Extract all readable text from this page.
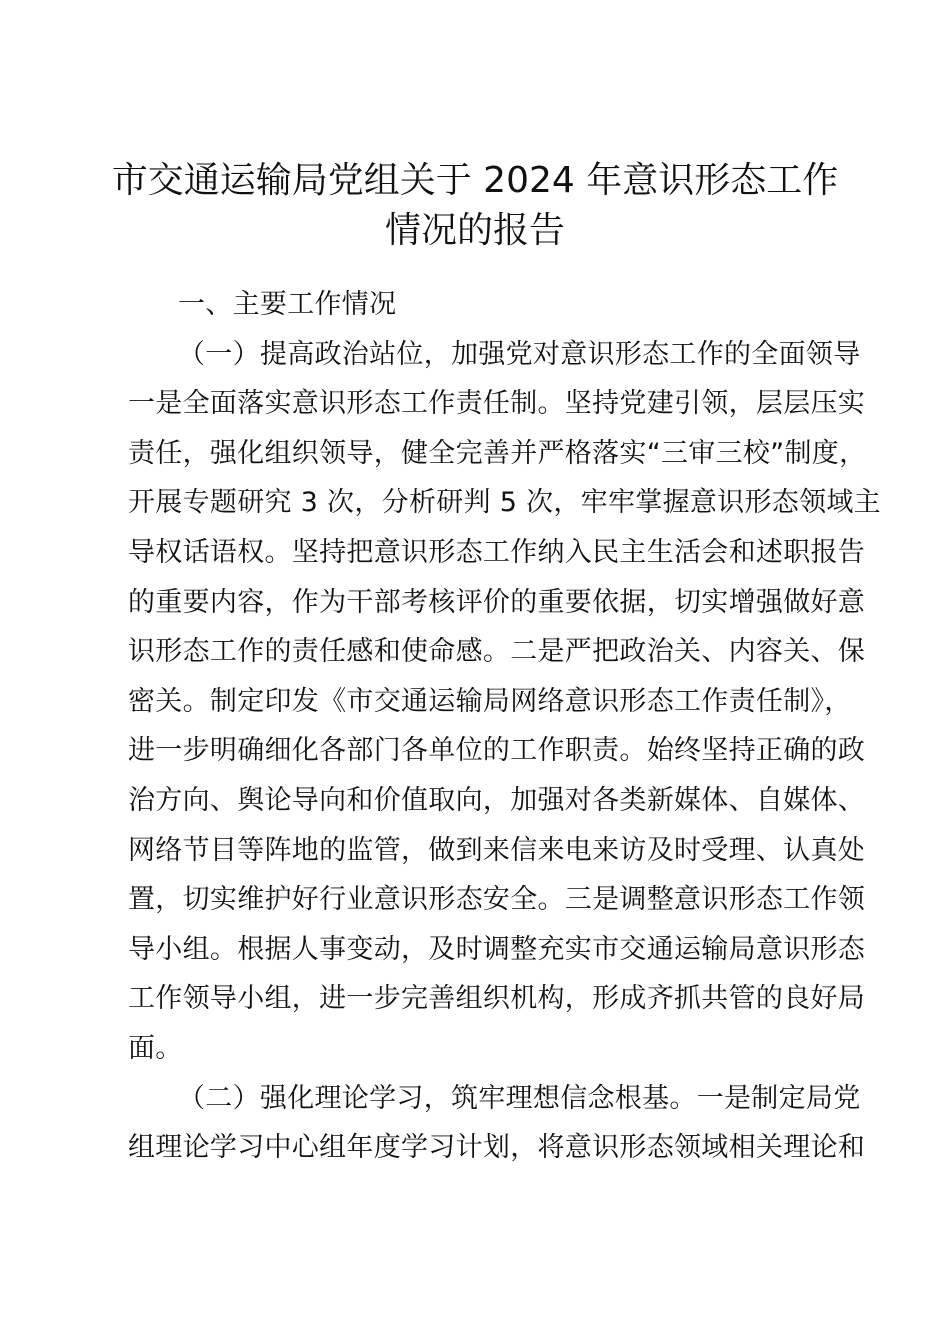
市交通运输局党组关于 2024 年意识形态工作
情况的报告
一、主要工作情况
（一）提高政治站位，加强党对意识形态工作的全面领导
一是全面落实意识形态工作责任制。坚持党建引领，层层压实
责任，强化组织领导，健全完善并严格落实“三审三校”制度，
开展专题研究 3 次，分析研判 5 次，牢牢掌握意识形态领域主
导权话语权。坚持把意识形态工作纳入民主生活会和述职报告
的重要内容，作为干部考核评价的重要依据，切实增强做好意
识形态工作的责任感和使命感。二是严把政治关、内容关、保
密关。制定印发《市交通运输局网络意识形态工作责任制》，
进一步明确细化各部门各单位的工作职责。始终坚持正确的政
治方向、舆论导向和价值取向，加强对各类新媒体、自媒体、
网络节目等阵地的监管，做到来信来电来访及时受理、认真处
置，切实维护好行业意识形态安全。三是调整意识形态工作领
导小组。根据人事变动，及时调整充实市交通运输局意识形态
工作领导小组，进一步完善组织机构，形成齐抓共管的良好局
面。
（二）强化理论学习，筑牢理想信念根基。一是制定局党
组理论学习中心组年度学习计划，将意识形态领域相关理论和
